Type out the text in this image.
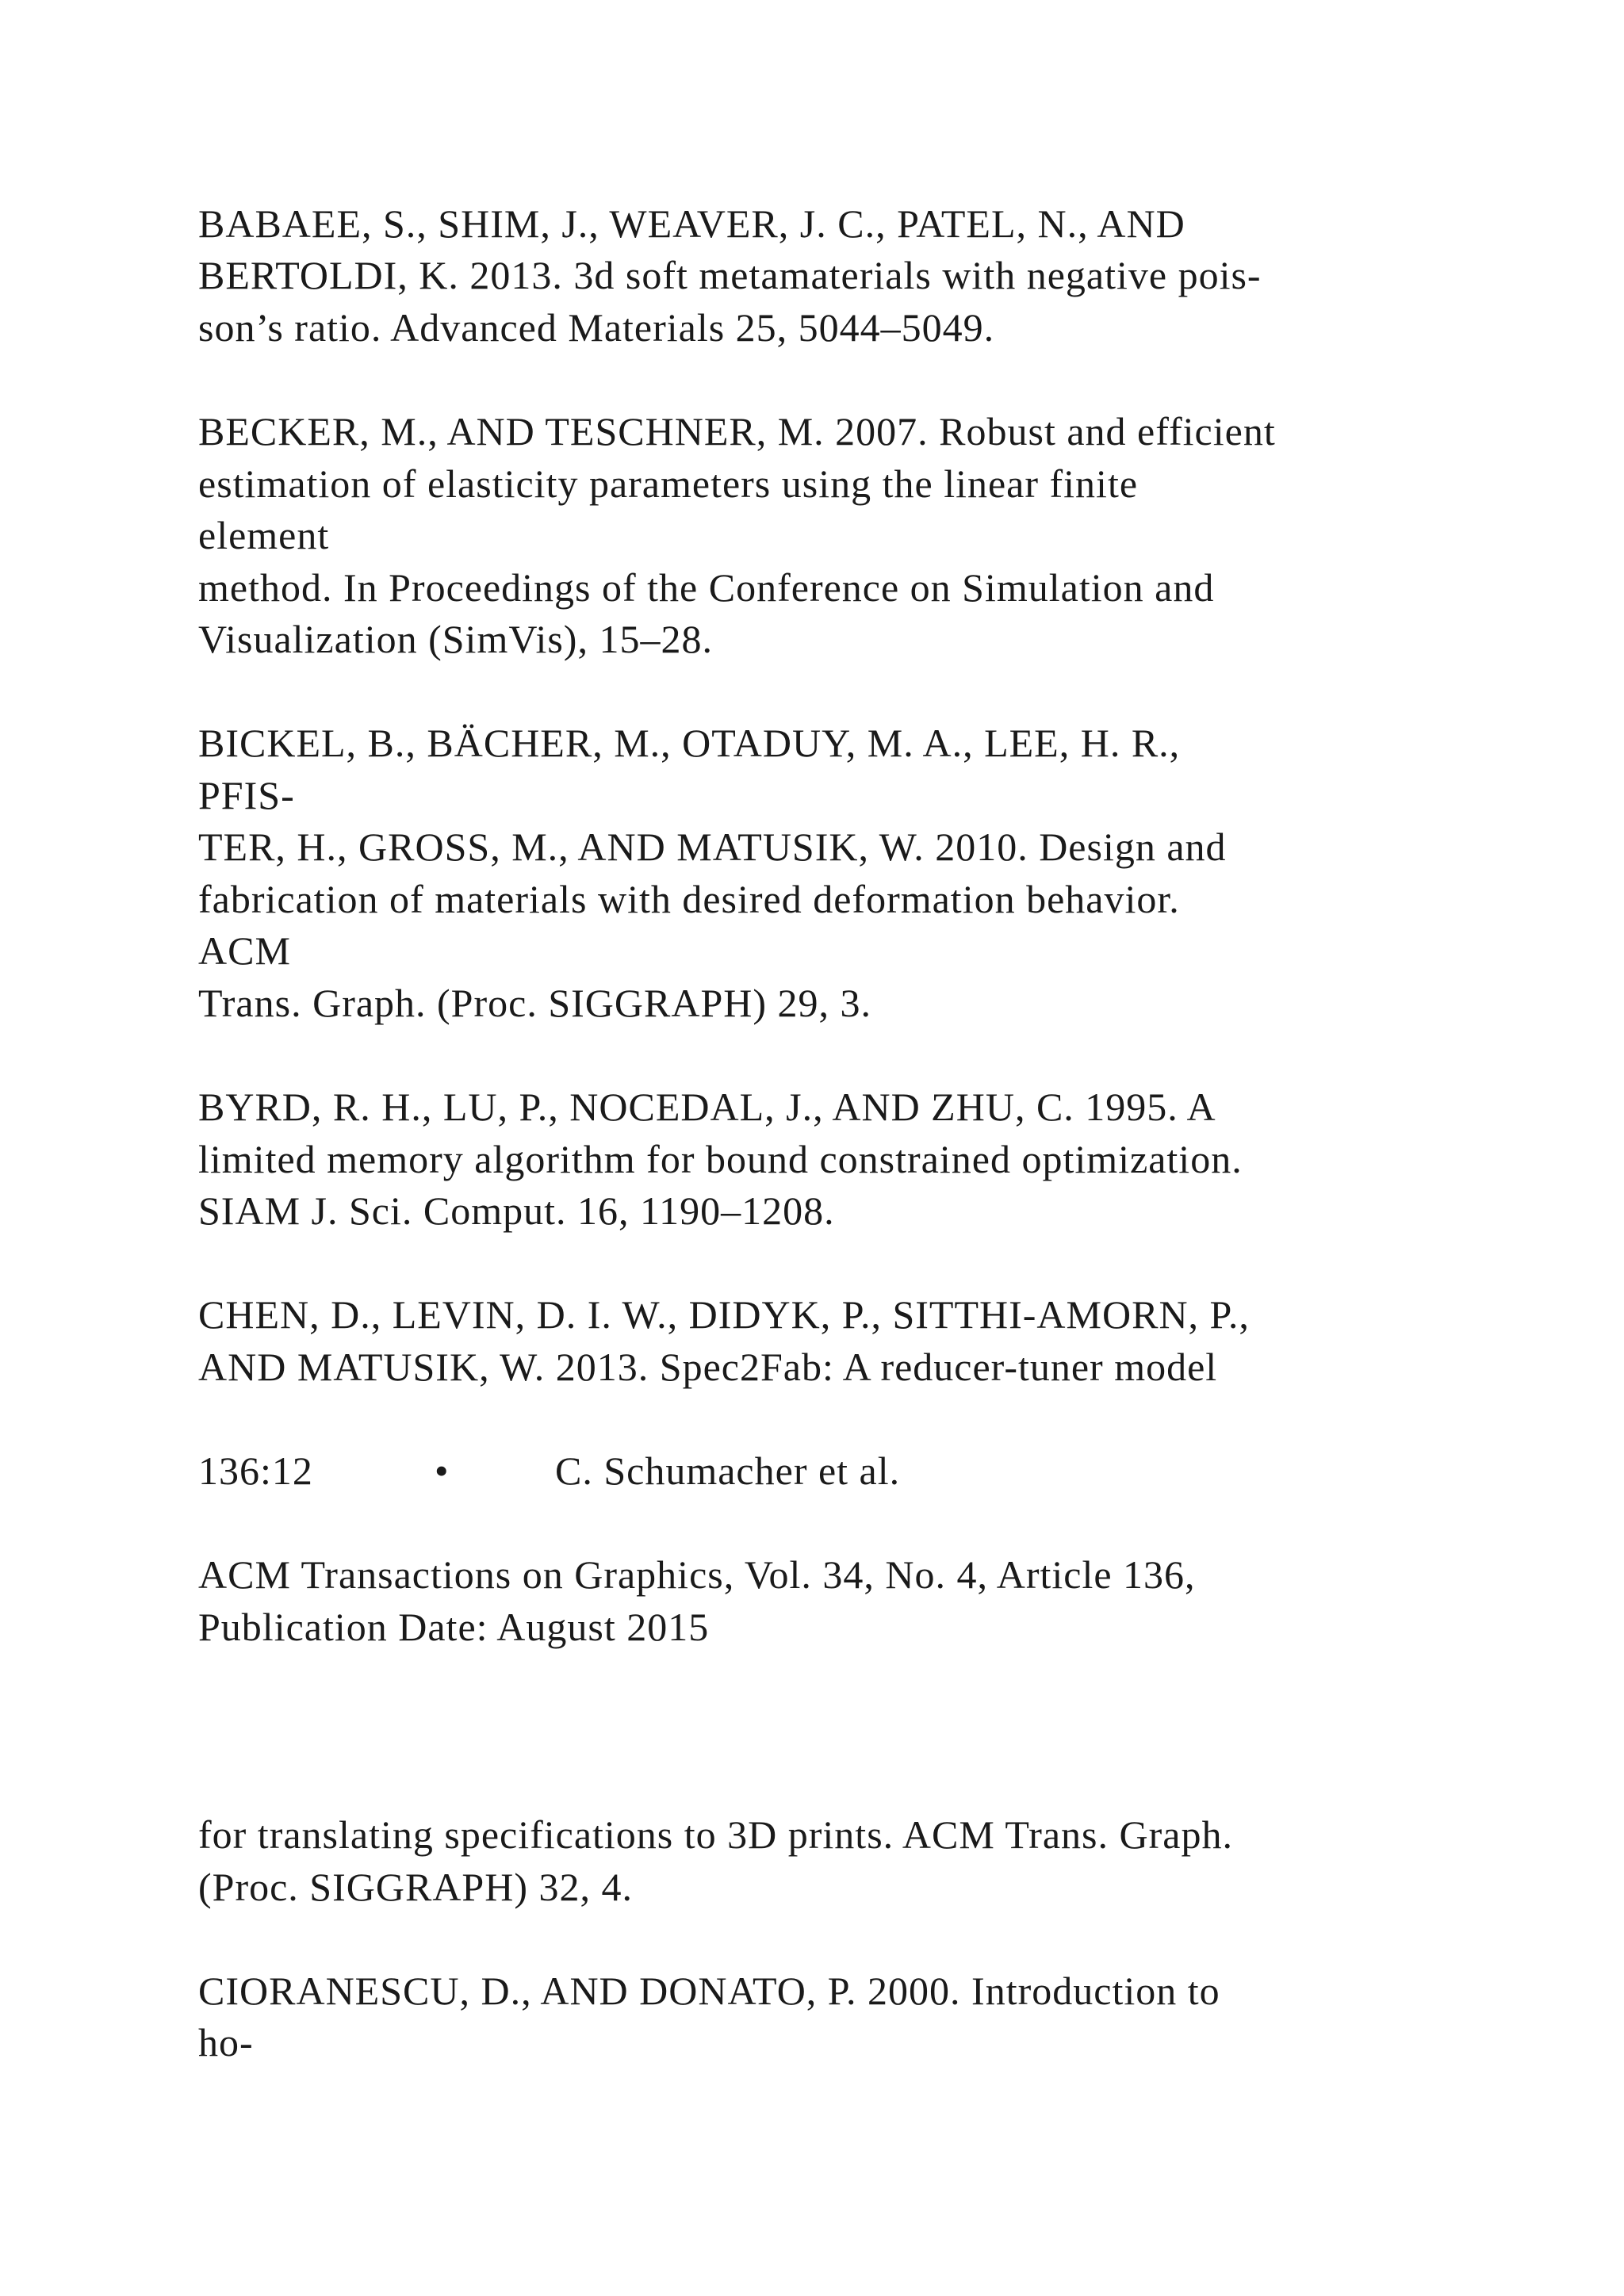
BABAEE, S., SHIM, J., WEAVER, J. C., PATEL, N., AND
BERTOLDI, K. 2013. 3d soft metamaterials with negative pois-
son’s ratio. Advanced Materials 25, 5044–5049.
BECKER, M., AND TESCHNER, M. 2007. Robust and efficient
estimation of elasticity parameters using the linear finite
element
method. In Proceedings of the Conference on Simulation and
Visualization (SimVis), 15–28.
BICKEL, B., BÄCHER, M., OTADUY, M. A., LEE, H. R.,
PFIS-
TER, H., GROSS, M., AND MATUSIK, W. 2010. Design and
fabrication of materials with desired deformation behavior.
ACM
Trans. Graph. (Proc. SIGGRAPH) 29, 3.
BYRD, R. H., LU, P., NOCEDAL, J., AND ZHU, C. 1995. A
limited memory algorithm for bound constrained optimization.
SIAM J. Sci. Comput. 16, 1190–1208.
CHEN, D., LEVIN, D. I. W., DIDYK, P., SITTHI-AMORN, P.,
AND MATUSIK, W. 2013. Spec2Fab: A reducer-tuner model
136:12	•	C. Schumacher et al.
ACM Transactions on Graphics, Vol. 34, No. 4, Article 136,
Publication Date: August 2015
for translating specifications to 3D prints. ACM Trans. Graph.
(Proc. SIGGRAPH) 32, 4.
CIORANESCU, D., AND DONATO, P. 2000. Introduction to
ho-
